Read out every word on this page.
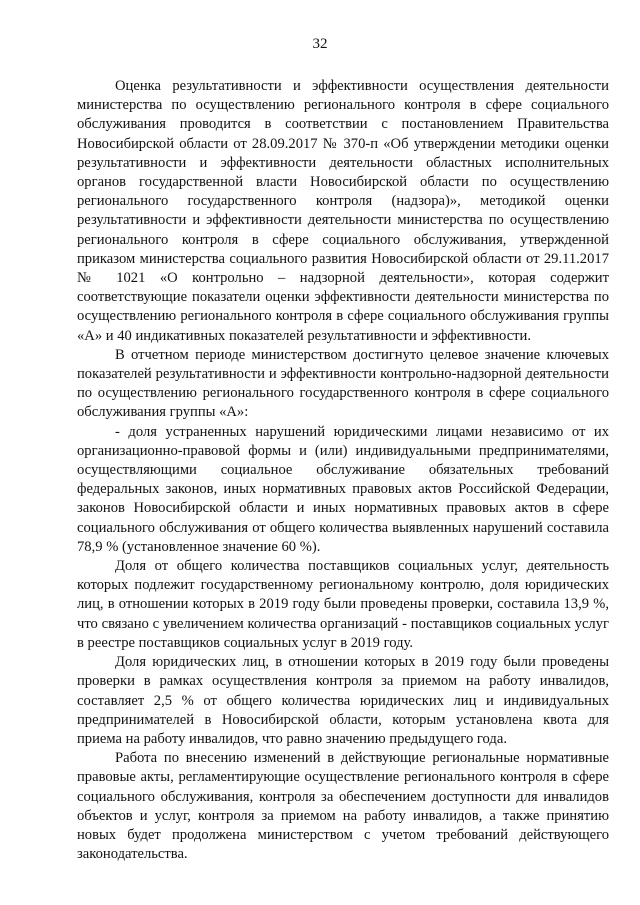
32

Оценка результативности и эффективности осуществления деятельности министерства по осуществлению регионального контроля в сфере социального обслуживания проводится в соответствии с постановлением Правительства Новосибирской области от 28.09.2017 № 370-п «Об утверждении методики оценки результативности и эффективности деятельности областных исполнительных органов государственной власти Новосибирской области по осуществлению регионального государственного контроля (надзора)», методикой оценки результативности и эффективности деятельности министерства по осуществлению регионального контроля в сфере социального обслуживания, утвержденной приказом министерства социального развития Новосибирской области от 29.11.2017 № 1021 «О контрольно – надзорной деятельности», которая содержит соответствующие показатели оценки эффективности деятельности министерства по осуществлению регионального контроля в сфере социального обслуживания группы «А» и 40 индикативных показателей результативности и эффективности.

В отчетном периоде министерством достигнуто целевое значение ключевых показателей результативности и эффективности контрольно-надзорной деятельности по осуществлению регионального государственного контроля в сфере социального обслуживания группы «А»:

- доля устраненных нарушений юридическими лицами независимо от их организационно-правовой формы и (или) индивидуальными предпринимателями, осуществляющими социальное обслуживание обязательных требований федеральных законов, иных нормативных правовых актов Российской Федерации, законов Новосибирской области и иных нормативных правовых актов в сфере социального обслуживания от общего количества выявленных нарушений составила 78,9 % (установленное значение 60 %).

Доля от общего количества поставщиков социальных услуг, деятельность которых подлежит государственному региональному контролю, доля юридических лиц, в отношении которых в 2019 году были проведены проверки, составила 13,9 %, что связано с увеличением количества организаций - поставщиков социальных услуг в реестре поставщиков социальных услуг в 2019 году.

Доля юридических лиц, в отношении которых в 2019 году были проведены проверки в рамках осуществления контроля за приемом на работу инвалидов, составляет 2,5 % от общего количества юридических лиц и индивидуальных предпринимателей в Новосибирской области, которым установлена квота для приема на работу инвалидов, что равно значению предыдущего года.

Работа по внесению изменений в действующие региональные нормативные правовые акты, регламентирующие осуществление регионального контроля в сфере социального обслуживания, контроля за обеспечением доступности для инвалидов объектов и услуг, контроля за приемом на работу инвалидов, а также принятию новых будет продолжена министерством с учетом требований действующего законодательства.
